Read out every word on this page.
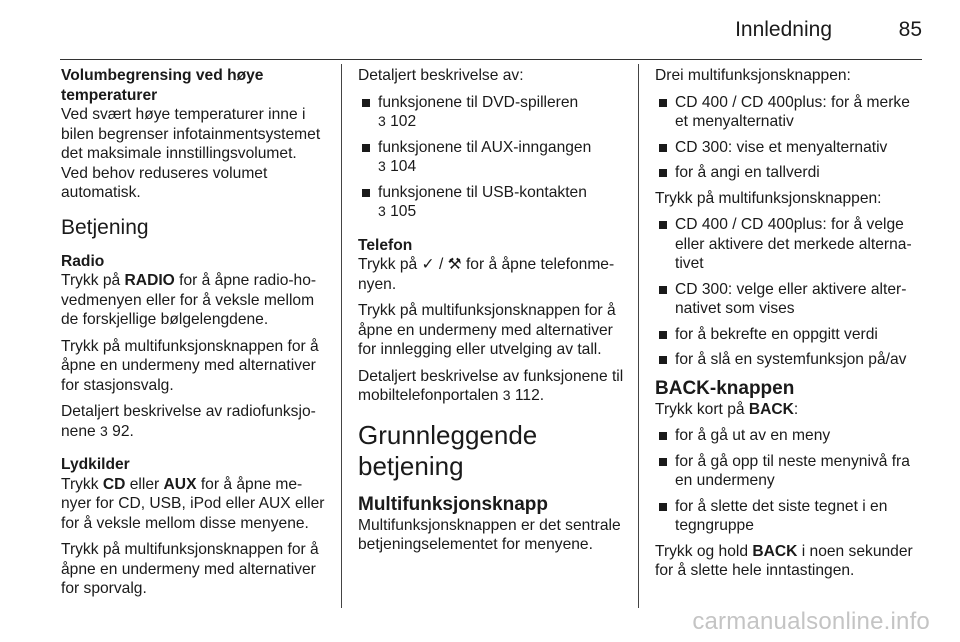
Innledning	85

Volumbegrensing ved høye temperaturer

Ved svært høye temperaturer inne i bilen begrenser infotainmentsystemet det maksimale innstillingsvolumet. Ved behov reduseres volumet automatisk.

Betjening

Radio

Trykk på RADIO for å åpne radio-hovedmenyen eller for å veksle mellom de forskjellige bølgelengdene.

Trykk på multifunksjonsknappen for å åpne en undermeny med alternativer for stasjonsvalg.

Detaljert beskrivelse av radiofunksjonene 3 92.

Lydkilder

Trykk CD eller AUX for å åpne menyer for CD, USB, iPod eller AUX eller for å veksle mellom disse menyene.

Trykk på multifunksjonsknappen for å åpne en undermeny med alternativer for sporvalg.

Detaljert beskrivelse av:

funksjonene til DVD-spilleren
3 102
funksjonene til AUX-inngangen
3 104
funksjonene til USB-kontakten
3 105

Telefon

Trykk på ✓ / ⚒ for å åpne telefonmenyen.

Trykk på multifunksjonsknappen for å åpne en undermeny med alternativer for innlegging eller utvelging av tall.

Detaljert beskrivelse av funksjonene til mobiltelefonportalen 3 112.

Grunnleggende betjening

Multifunksjonsknapp

Multifunksjonsknappen er det sentrale betjeningselementet for menyene.

Drei multifunksjonsknappen:

CD 400 / CD 400plus: for å merke et menyalternativ
CD 300: vise et menyalternativ
for å angi en tallverdi

Trykk på multifunksjonsknappen:

CD 400 / CD 400plus: for å velge eller aktivere det merkede alternativet
CD 300: velge eller aktivere alternativet som vises
for å bekrefte en oppgitt verdi
for å slå en systemfunksjon på/av

BACK-knappen

Trykk kort på BACK:

for å gå ut av en meny
for å gå opp til neste menynivå fra en undermeny
for å slette det siste tegnet i en tegngruppe

Trykk og hold BACK i noen sekunder for å slette hele inntastingen.

carmanualsonline.info
